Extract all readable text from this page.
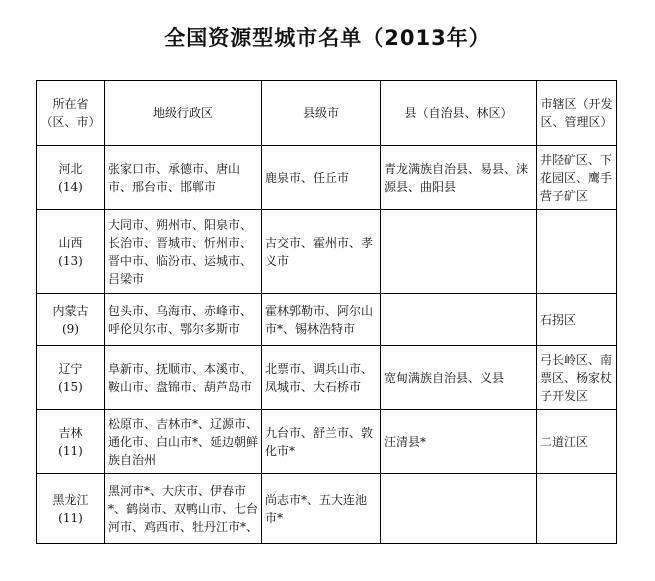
全国资源型城市名单（2013年）
所在省（区、市）	地级行政区	县级市	县（自治县、林区）	市辖区（开发区、管理区）

河北
(14)	张家口市、承德市、唐山市、邢台市、邯郸市	鹿泉市、任丘市	青龙满族自治县、易县、涞源县、曲阳县	井陉矿区、下花园区、鹰手营子矿区

山西
(13)	大同市、朔州市、阳泉市、长治市、晋城市、忻州市、晋中市、临汾市、运城市、吕梁市	古交市、霍州市、孝义市		

内蒙古
(9)	包头市、乌海市、赤峰市、呼伦贝尔市、鄂尔多斯市	霍林郭勒市、阿尔山市*、锡林浩特市		石拐区

辽宁
(15)	阜新市、抚顺市、本溪市、鞍山市、盘锦市、葫芦岛市	北票市、调兵山市、凤城市、大石桥市	宽甸满族自治县、义县	弓长岭区、南票区、杨家杖子开发区

吉林
(11)	松原市、吉林市*、辽源市、通化市、白山市*、延边朝鲜族自治州	九台市、舒兰市、敦化市*	汪清县*	二道江区

黑龙江
(11)	黑河市*、大庆市、伊春市*、鹤岗市、双鸭山市、七台河市、鸡西市、牡丹江市*、	尚志市*、五大连池市*		
